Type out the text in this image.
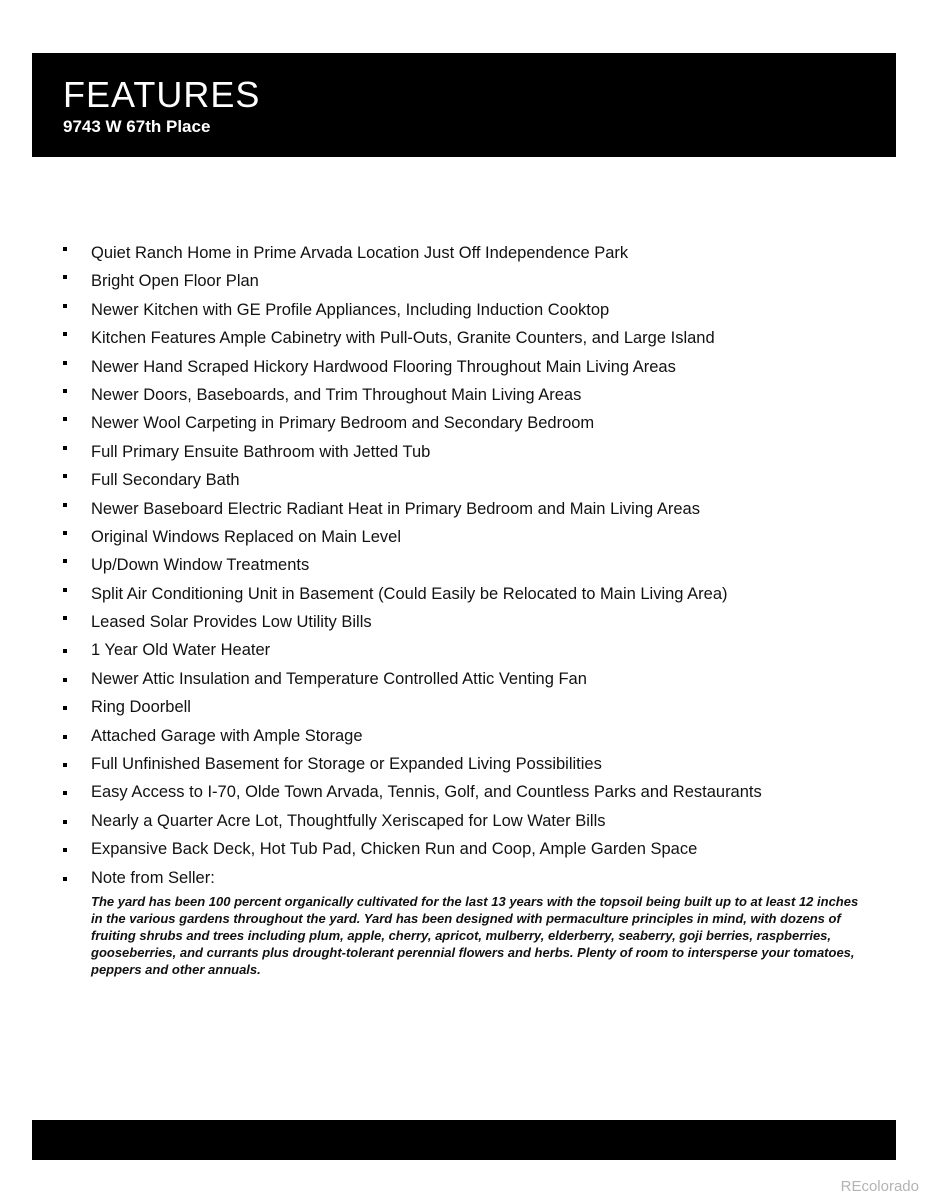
FEATURES

9743 W 67th Place

Quiet Ranch Home in Prime Arvada Location Just Off Independence Park
Bright Open Floor Plan
Newer Kitchen with GE Profile Appliances, Including Induction Cooktop
Kitchen Features Ample Cabinetry with Pull-Outs, Granite Counters, and Large Island
Newer Hand Scraped Hickory Hardwood Flooring Throughout Main Living Areas
Newer Doors, Baseboards, and Trim Throughout Main Living Areas
Newer Wool Carpeting in Primary Bedroom and Secondary Bedroom
Full Primary Ensuite Bathroom with Jetted Tub
Full Secondary Bath
Newer Baseboard Electric Radiant Heat in Primary Bedroom and Main Living Areas
Original Windows Replaced on Main Level
Up/Down Window Treatments
Split Air Conditioning Unit in Basement (Could Easily be Relocated to Main Living Area)
Leased Solar Provides Low Utility Bills
1 Year Old Water Heater
Newer Attic Insulation and Temperature Controlled Attic Venting Fan
Ring Doorbell
Attached Garage with Ample Storage
Full Unfinished Basement for Storage or Expanded Living Possibilities
Easy Access to I-70, Olde Town Arvada, Tennis, Golf, and Countless Parks and Restaurants
Nearly a Quarter Acre Lot, Thoughtfully Xeriscaped for Low Water Bills
Expansive Back Deck, Hot Tub Pad, Chicken Run and Coop, Ample Garden Space
Note from Seller:

The yard has been 100 percent organically cultivated for the last 13 years with the topsoil being built up to at least 12 inches in the various gardens throughout the yard. Yard has been designed with permaculture principles in mind, with dozens of fruiting shrubs and trees including plum, apple, cherry, apricot, mulberry, elderberry, seaberry, goji berries, raspberries, gooseberries, and currants plus drought-tolerant perennial flowers and herbs. Plenty of room to intersperse your tomatoes, peppers and other annuals.

REcolorado
